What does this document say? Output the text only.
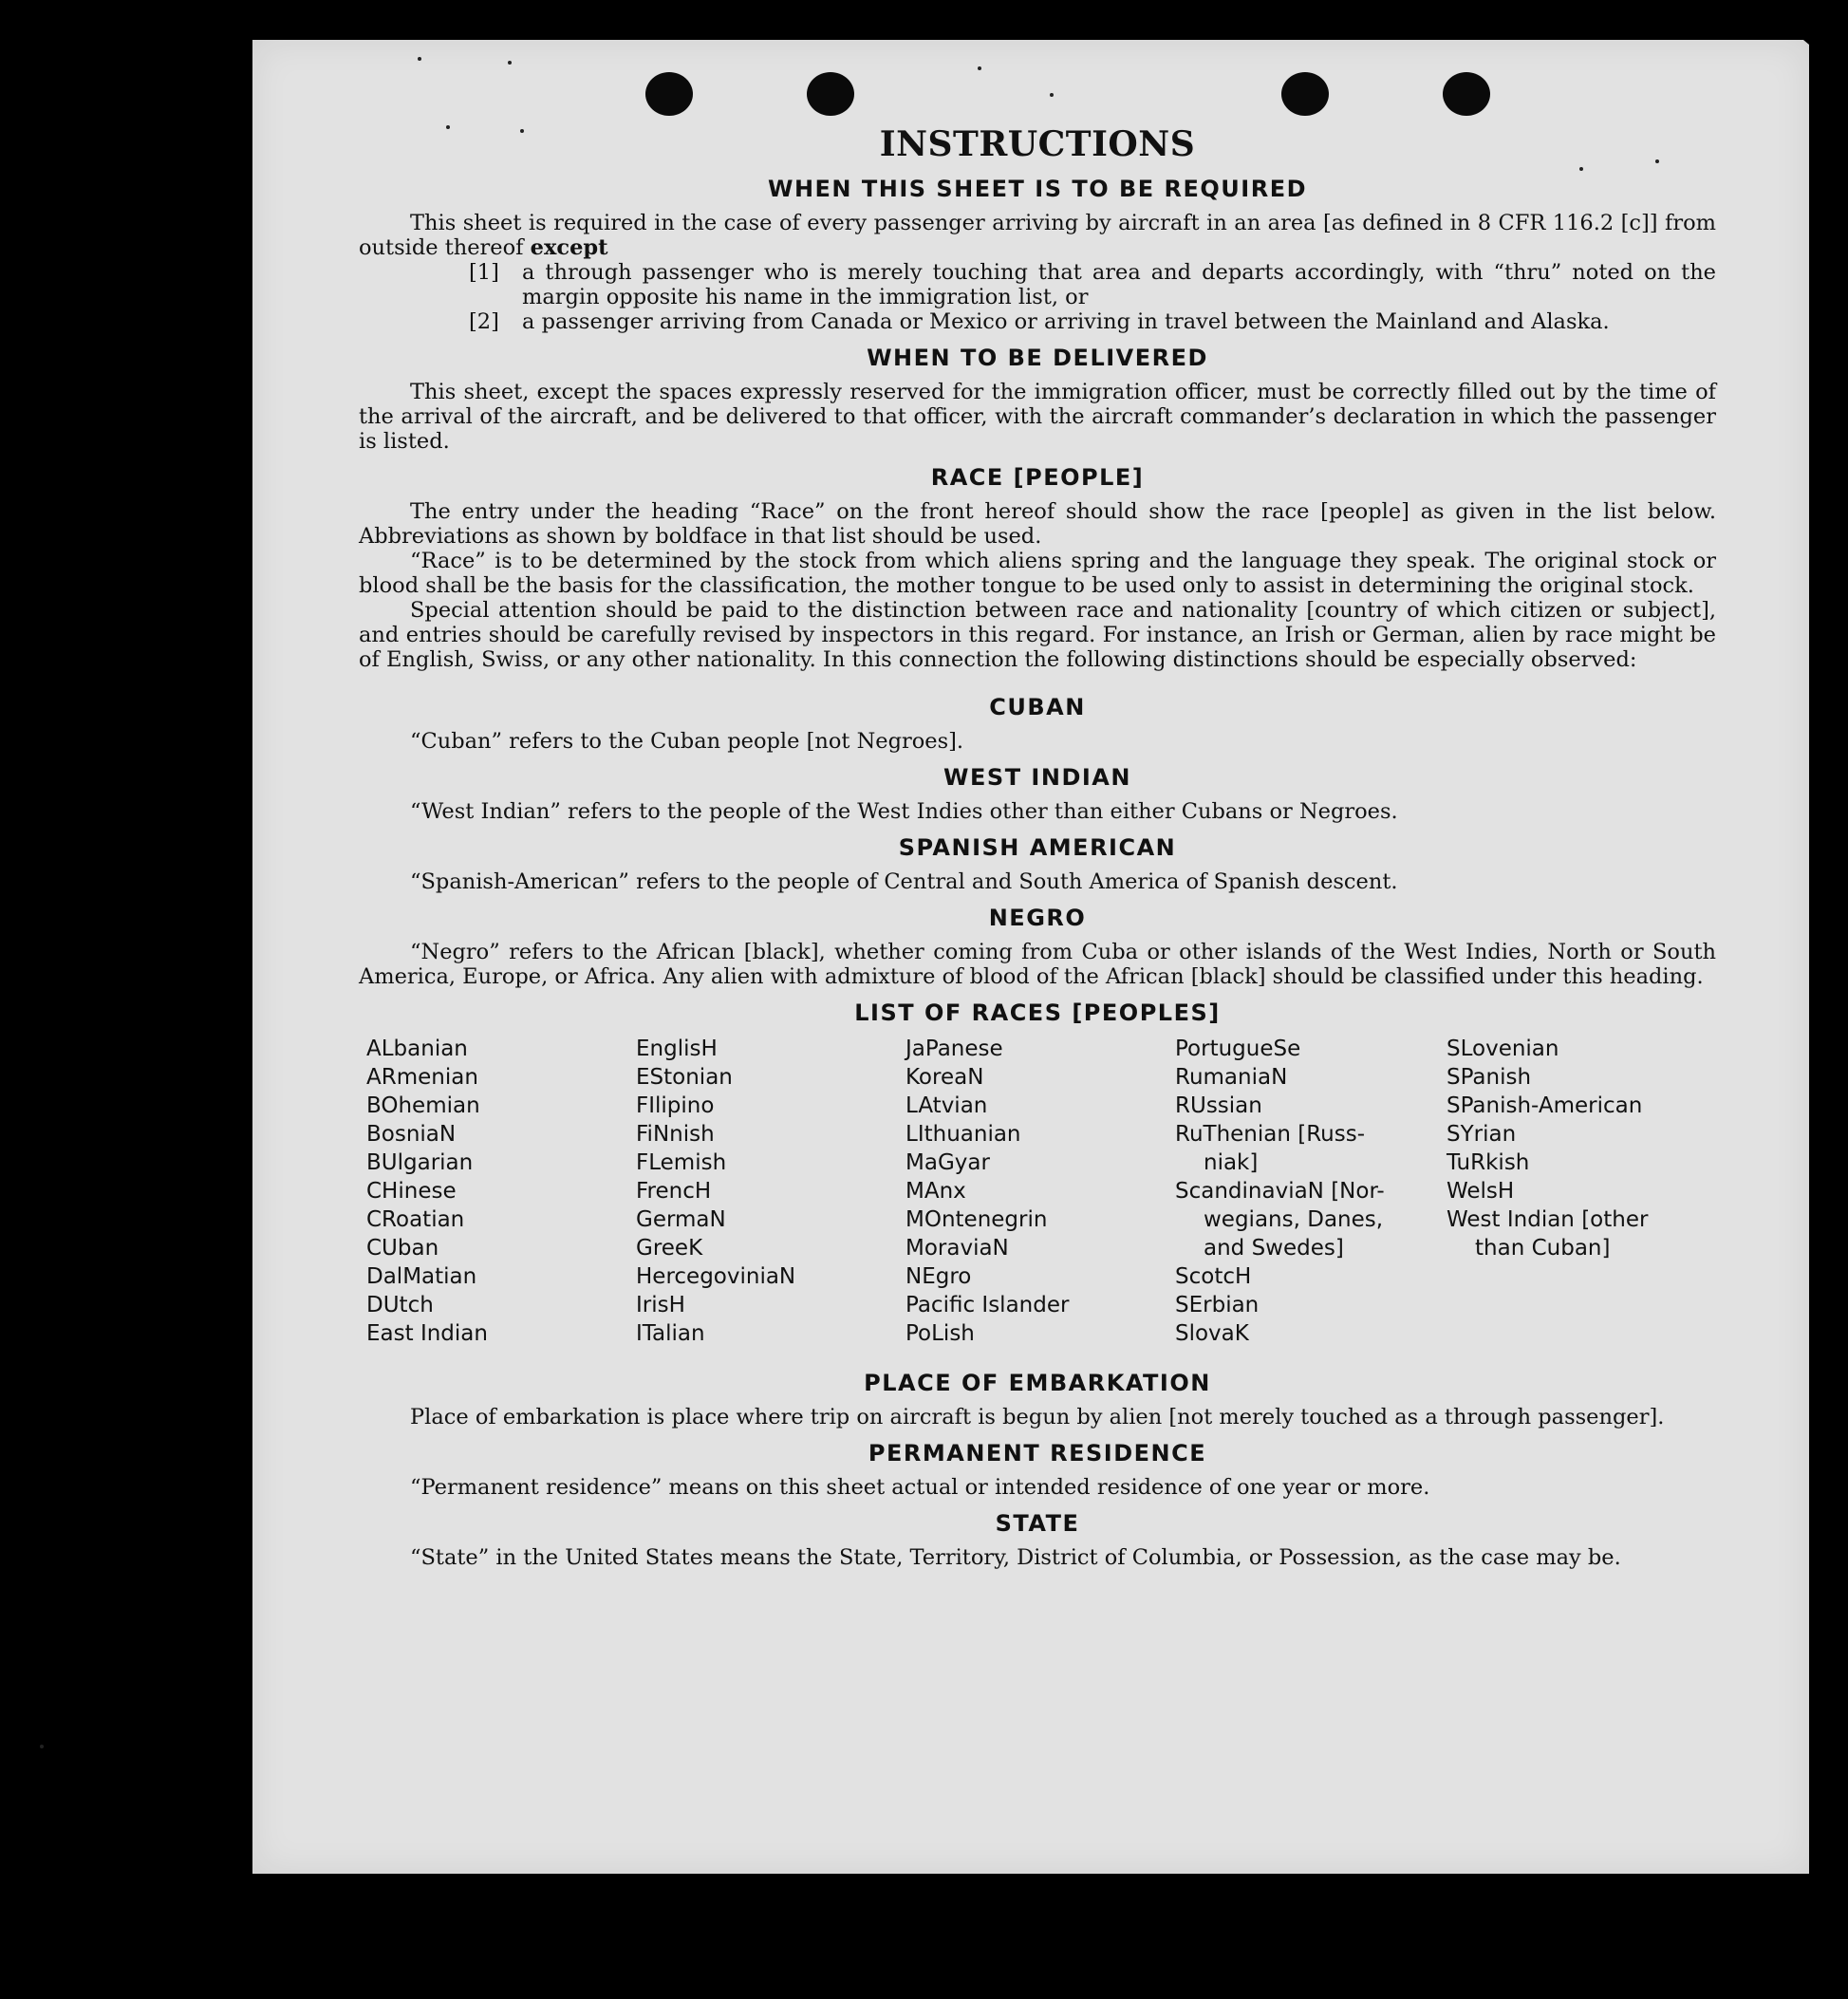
INSTRUCTIONS
WHEN THIS SHEET IS TO BE REQUIRED

This sheet is required in the case of every passenger arriving by aircraft in an area [as defined in 8 CFR 116.2 [c]] from outside thereof except

[1]	a through passenger who is merely touching that area and departs accordingly, with “thru” noted on the margin opposite his name in the immigration list, or
[2]	a passenger arriving from Canada or Mexico or arriving in travel between the Mainland and Alaska.
WHEN TO BE DELIVERED

This sheet, except the spaces expressly reserved for the immigration officer, must be correctly filled out by the time of the arrival of the aircraft, and be delivered to that officer, with the aircraft commander’s declaration in which the passenger is listed.

RACE [PEOPLE]

The entry under the heading “Race” on the front hereof should show the race [people] as given in the list below. Abbreviations as shown by boldface in that list should be used.

“Race” is to be determined by the stock from which aliens spring and the language they speak. The original stock or blood shall be the basis for the classification, the mother tongue to be used only to assist in determining the original stock.

Special attention should be paid to the distinction between race and nationality [country of which citizen or subject], and entries should be carefully revised by inspectors in this regard. For instance, an Irish or German, alien by race might be of English, Swiss, or any other nationality. In this connection the following distinctions should be especially observed:

CUBAN

“Cuban” refers to the Cuban people [not Negroes].

WEST INDIAN

“West Indian” refers to the people of the West Indies other than either Cubans or Negroes.

SPANISH AMERICAN

“Spanish-American” refers to the people of Central and South America of Spanish descent.

NEGRO

“Negro” refers to the African [black], whether coming from Cuba or other islands of the West Indies, North or South America, Europe, or Africa. Any alien with admixture of blood of the African [black] should be classified under this heading.

LIST OF RACES [PEOPLES]
ALbanian
ARmenian
BOhemian
BosniaN
BUlgarian
CHinese
CRoatian
CUban
DalMatian
DUtch
East Indian
EnglisH
EStonian
FIlipino
FiNnish
FLemish
FrencH
GermaN
GreeK
HercegovinіaN
IrisH
ITalian
JaPanese
KoreaN
LAtvian
LIthuanian
MaGyar
MAnx
MOntenegrin
MoraviaN
NEgro
Pacific Islander
PoLish
PortugueSe
RumaniaN
RUssian
RuThenian [Russ-
niak]
ScandinaviaN [Nor-
wegians, Danes,
and Swedes]
ScotcH
SErbian
SlovaK
SLovenian
SPanish
SPanish-American
SYrian
TuRkish
WelsH
West Indian [other
than Cuban]
PLACE OF EMBARKATION

Place of embarkation is place where trip on aircraft is begun by alien [not merely touched as a through passenger].

PERMANENT RESIDENCE

“Permanent residence” means on this sheet actual or intended residence of one year or more.

STATE

“State” in the United States means the State, Territory, District of Columbia, or Possession, as the case may be.
